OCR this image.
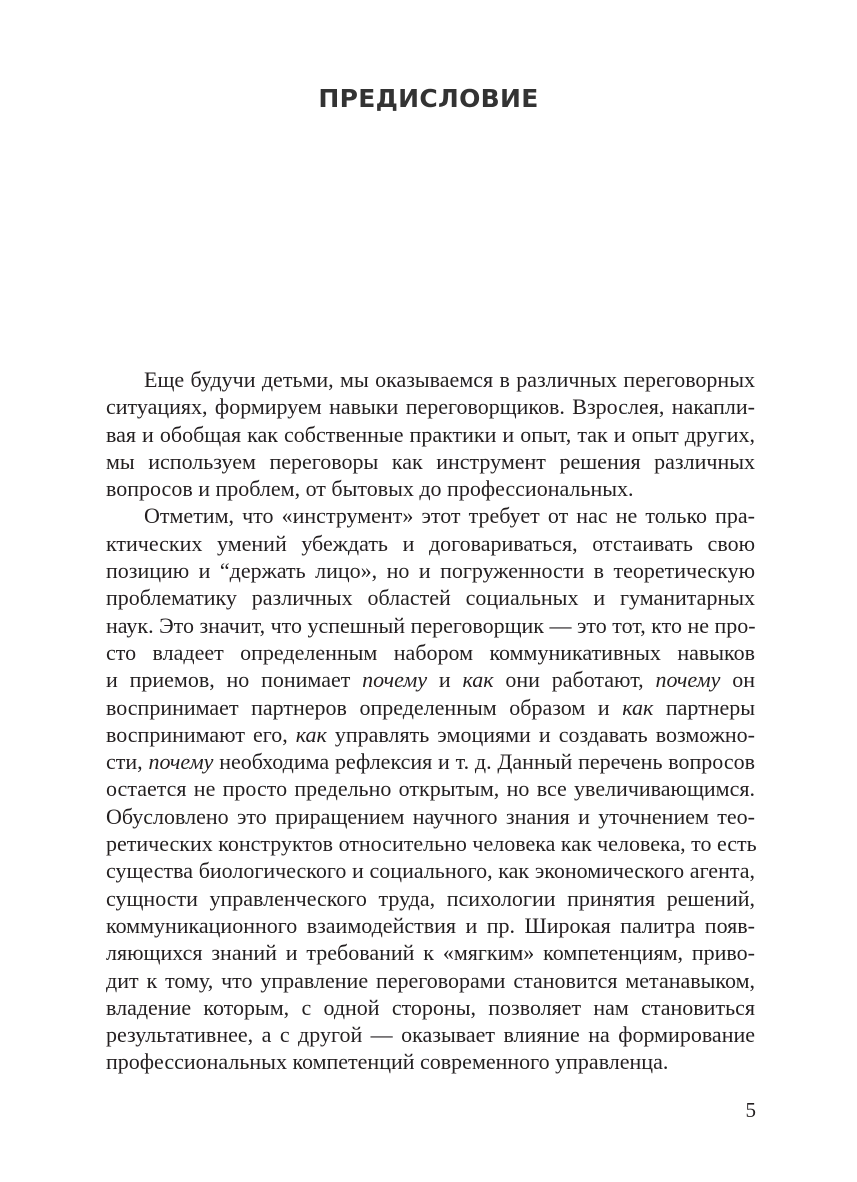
ПРЕДИСЛОВИЕ
Еще будучи детьми, мы оказываемся в различных переговорных
ситуациях, формируем навыки переговорщиков. Взрослея, накапли-
вая и обобщая как собственные практики и опыт, так и опыт других,
мы используем переговоры как инструмент решения различных
вопросов и проблем, от бытовых до профессиональных.
Отметим, что «инструмент» этот требует от нас не только пра-
ктических умений убеждать и договариваться, отстаивать свою
позицию и “держать лицо», но и погруженности в теоретическую
проблематику различных областей социальных и гуманитарных
наук. Это значит, что успешный переговорщик — это тот, кто не про-
сто владеет определенным набором коммуникативных навыков
и приемов, но понимает почему и как они работают, почему он
воспринимает партнеров определенным образом и как партнеры
воспринимают его, как управлять эмоциями и создавать возможно-
сти, почему необходима рефлексия и т. д. Данный перечень вопросов
остается не просто предельно открытым, но все увеличивающимся.
Обусловлено это приращением научного знания и уточнением тео-
ретических конструктов относительно человека как человека, то есть
существа биологического и социального, как экономического агента,
сущности управленческого труда, психологии принятия решений,
коммуникационного взаимодействия и пр. Широкая палитра появ-
ляющихся знаний и требований к «мягким» компетенциям, приво-
дит к тому, что управление переговорами становится метанавыком,
владение которым, с одной стороны, позволяет нам становиться
результативнее, а с другой — оказывает влияние на формирование
профессиональных компетенций современного управленца.
5
